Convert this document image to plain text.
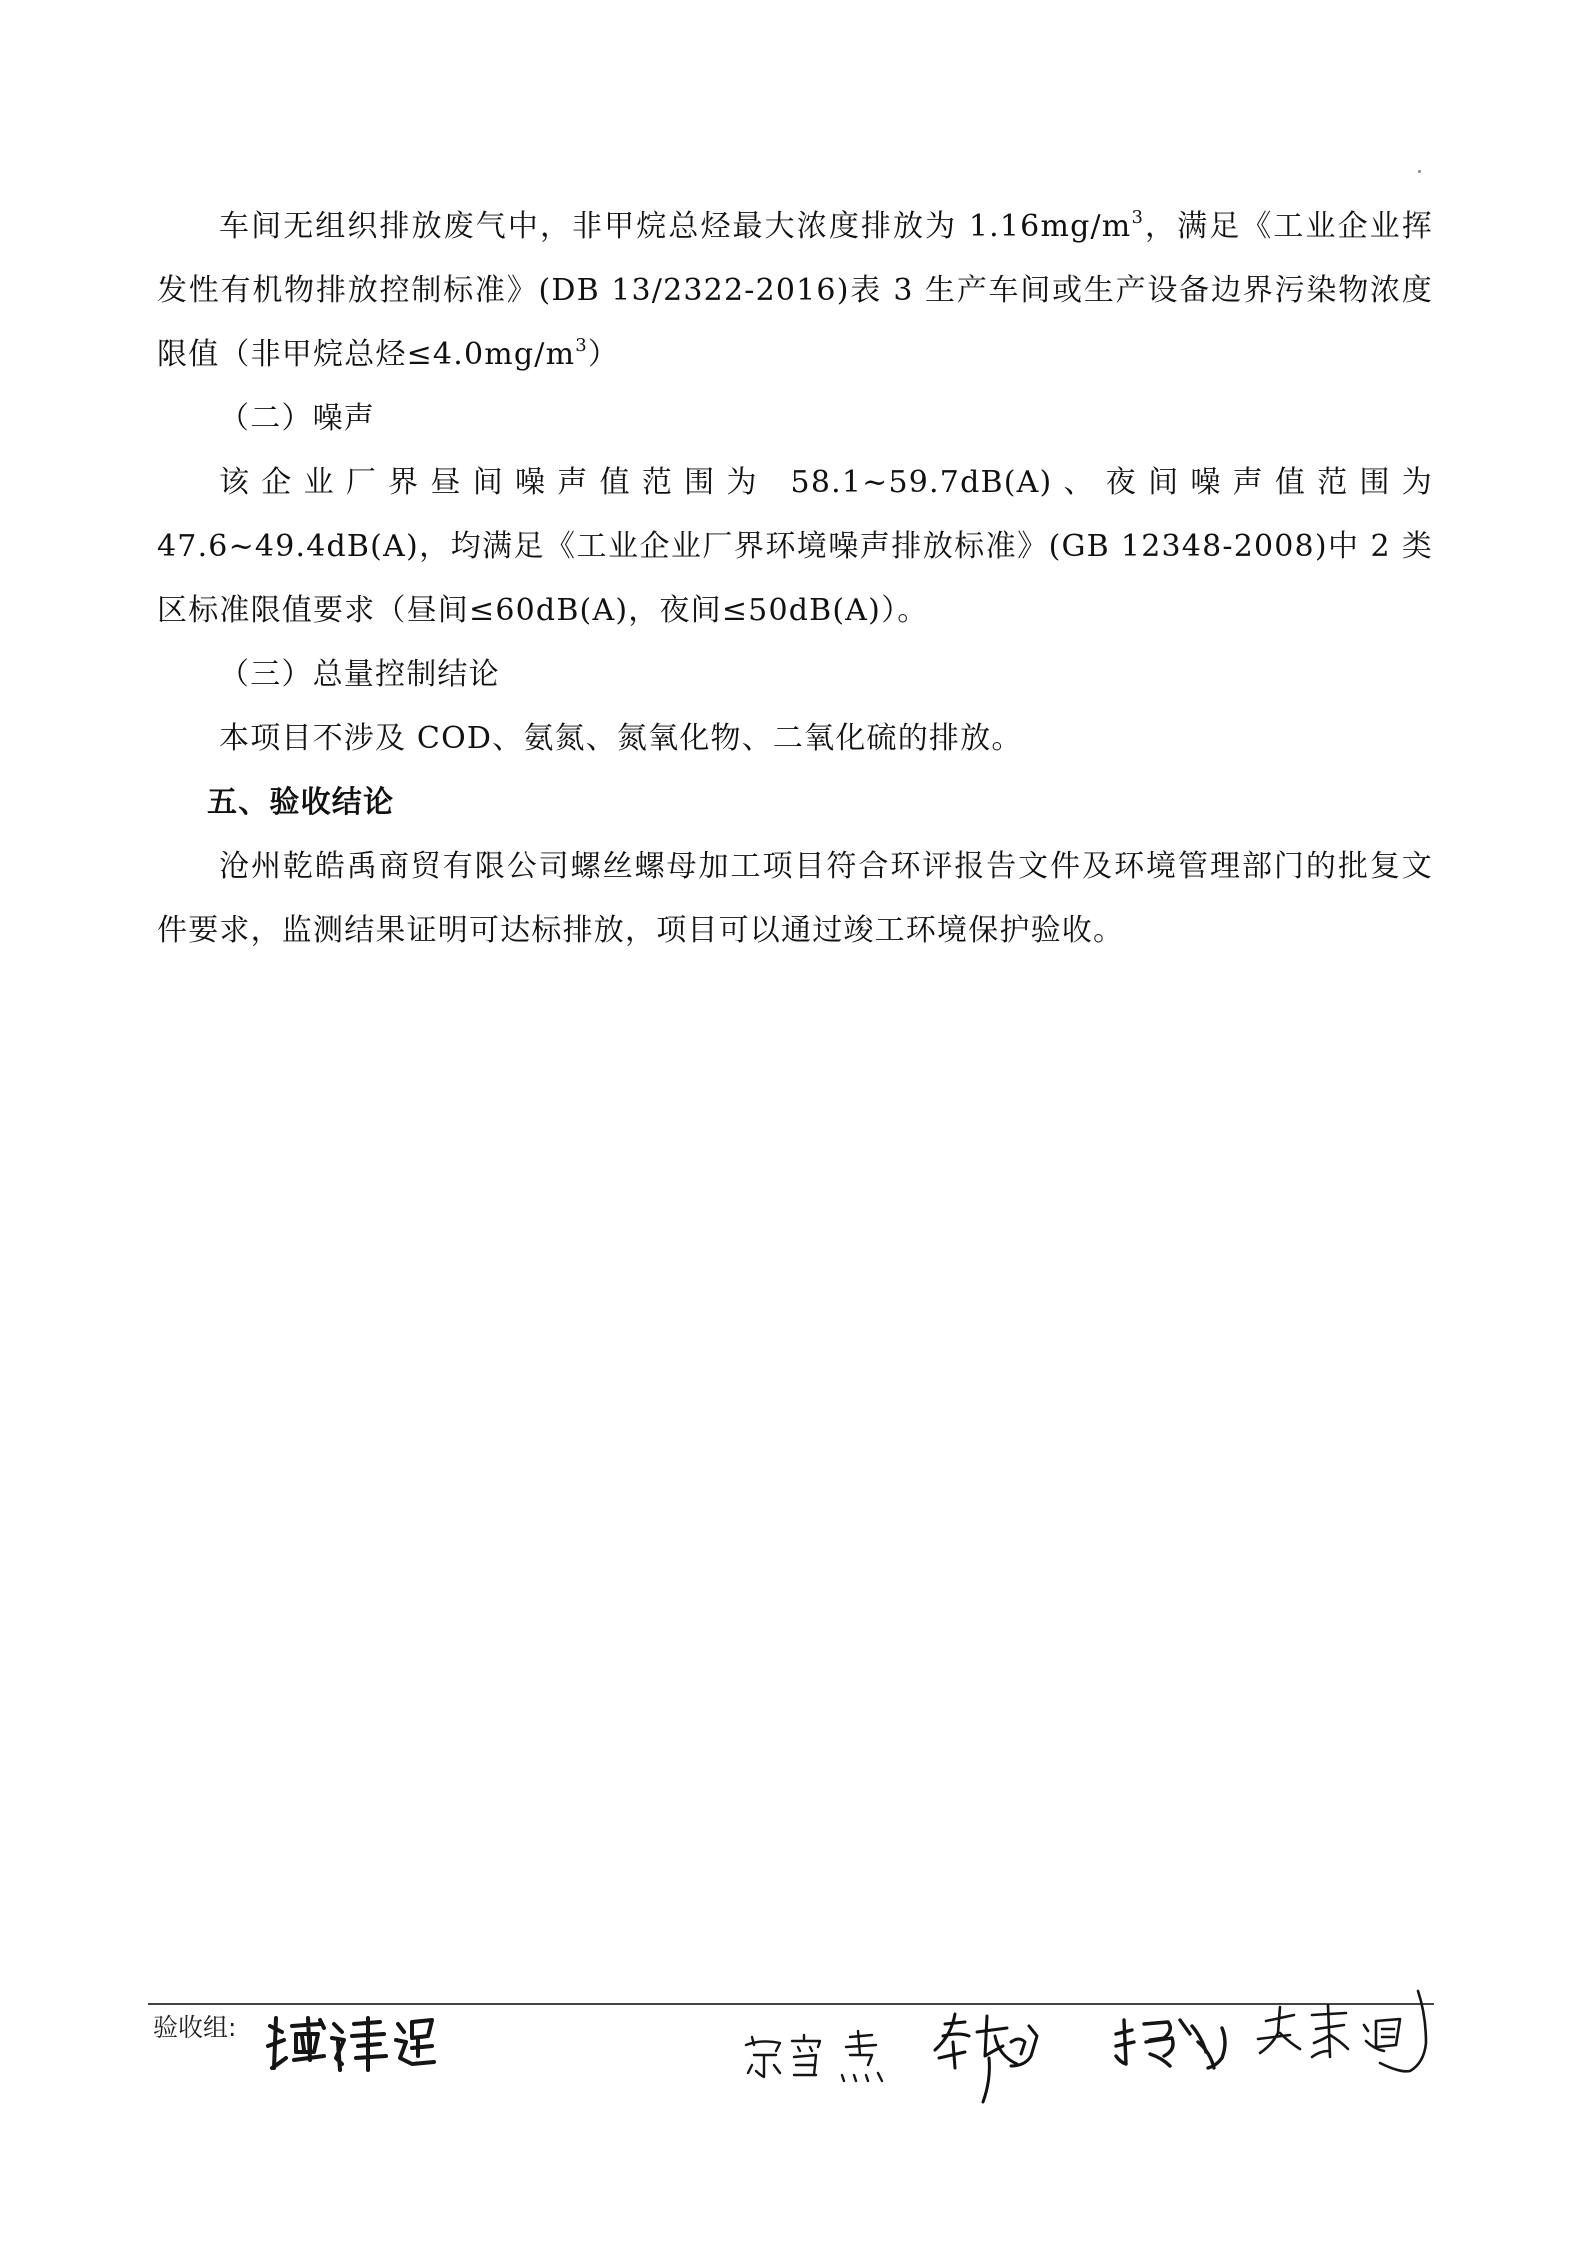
车间无组织排放废气中，非甲烷总烃最大浓度排放为 $1.16mg/m^3$，满足《工业企业挥发性有机物排放控制标准》(DB 13/2322-2016)表 3 生产车间或生产设备边界污染物浓度限值（非甲烷总烃$\le 4.0mg/m^3$）

（二）噪声

该企业厂界昼间噪声值范围为 58.1~59.7dB(A)、夜间噪声值范围为 47.6~49.4dB(A)，均满足《工业企业厂界环境噪声排放标准》(GB 12348-2008)中 2 类区标准限值要求（昼间≤60dB(A)，夜间≤50dB(A)）。

（三）总量控制结论

本项目不涉及 COD、氨氮、氮氧化物、二氧化硫的排放。

五、验收结论

沧州乾皓禹商贸有限公司螺丝螺母加工项目符合环评报告文件及环境管理部门的批复文件要求，监测结果证明可达标排放，项目可以通过竣工环境保护验收。

验收组:
